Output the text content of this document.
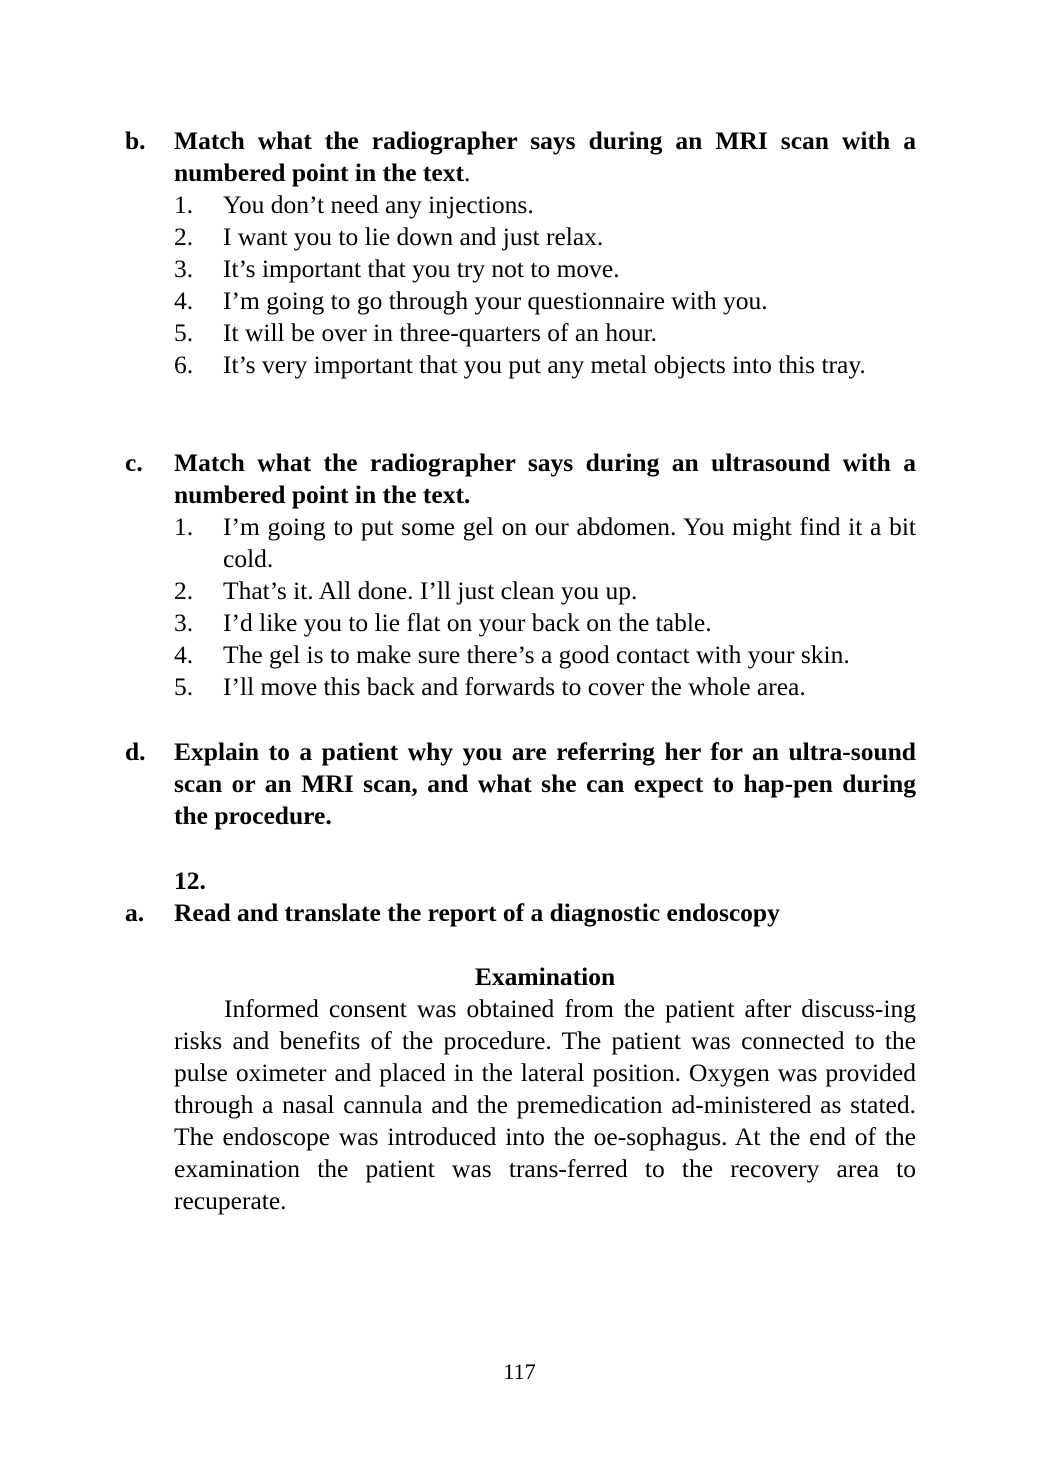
b.	Match what the radiographer says during an MRI scan with a numbered point in the text.

1.	You don’t need any injections.
2.	I want you to lie down and just relax.
3.	It’s important that you try not to move.
4.	I’m going to go through your questionnaire with you.
5.	It will be over in three-quarters of an hour.
6.	It’s very important that you put any metal objects into this tray.
c.	Match what the radiographer says during an ultrasound with a numbered point in the text.

1.	I’m going to put some gel on our abdomen. You might find it a bit cold.
2.	That’s it. All done. I’ll just clean you up.
3.	I’d like you to lie flat on your back on the table.
4.	The gel is to make sure there’s a good contact with your skin.
5.	I’ll move this back and forwards to cover the whole area.
d.	Explain to a patient why you are referring her for an ultra-sound scan or an MRI scan, and what she can expect to hap-pen during the procedure.

12.
a.	Read and translate the report of a diagnostic endoscopy

Examination

Informed consent was obtained from the patient after discuss-ing risks and benefits of the procedure. The patient was connected to the pulse oximeter and placed in the lateral position. Oxygen was provided through a nasal cannula and the premedication ad-ministered as stated. The endoscope was introduced into the oe-sophagus. At the end of the examination the patient was trans-ferred to the recovery area to recuperate.

117
